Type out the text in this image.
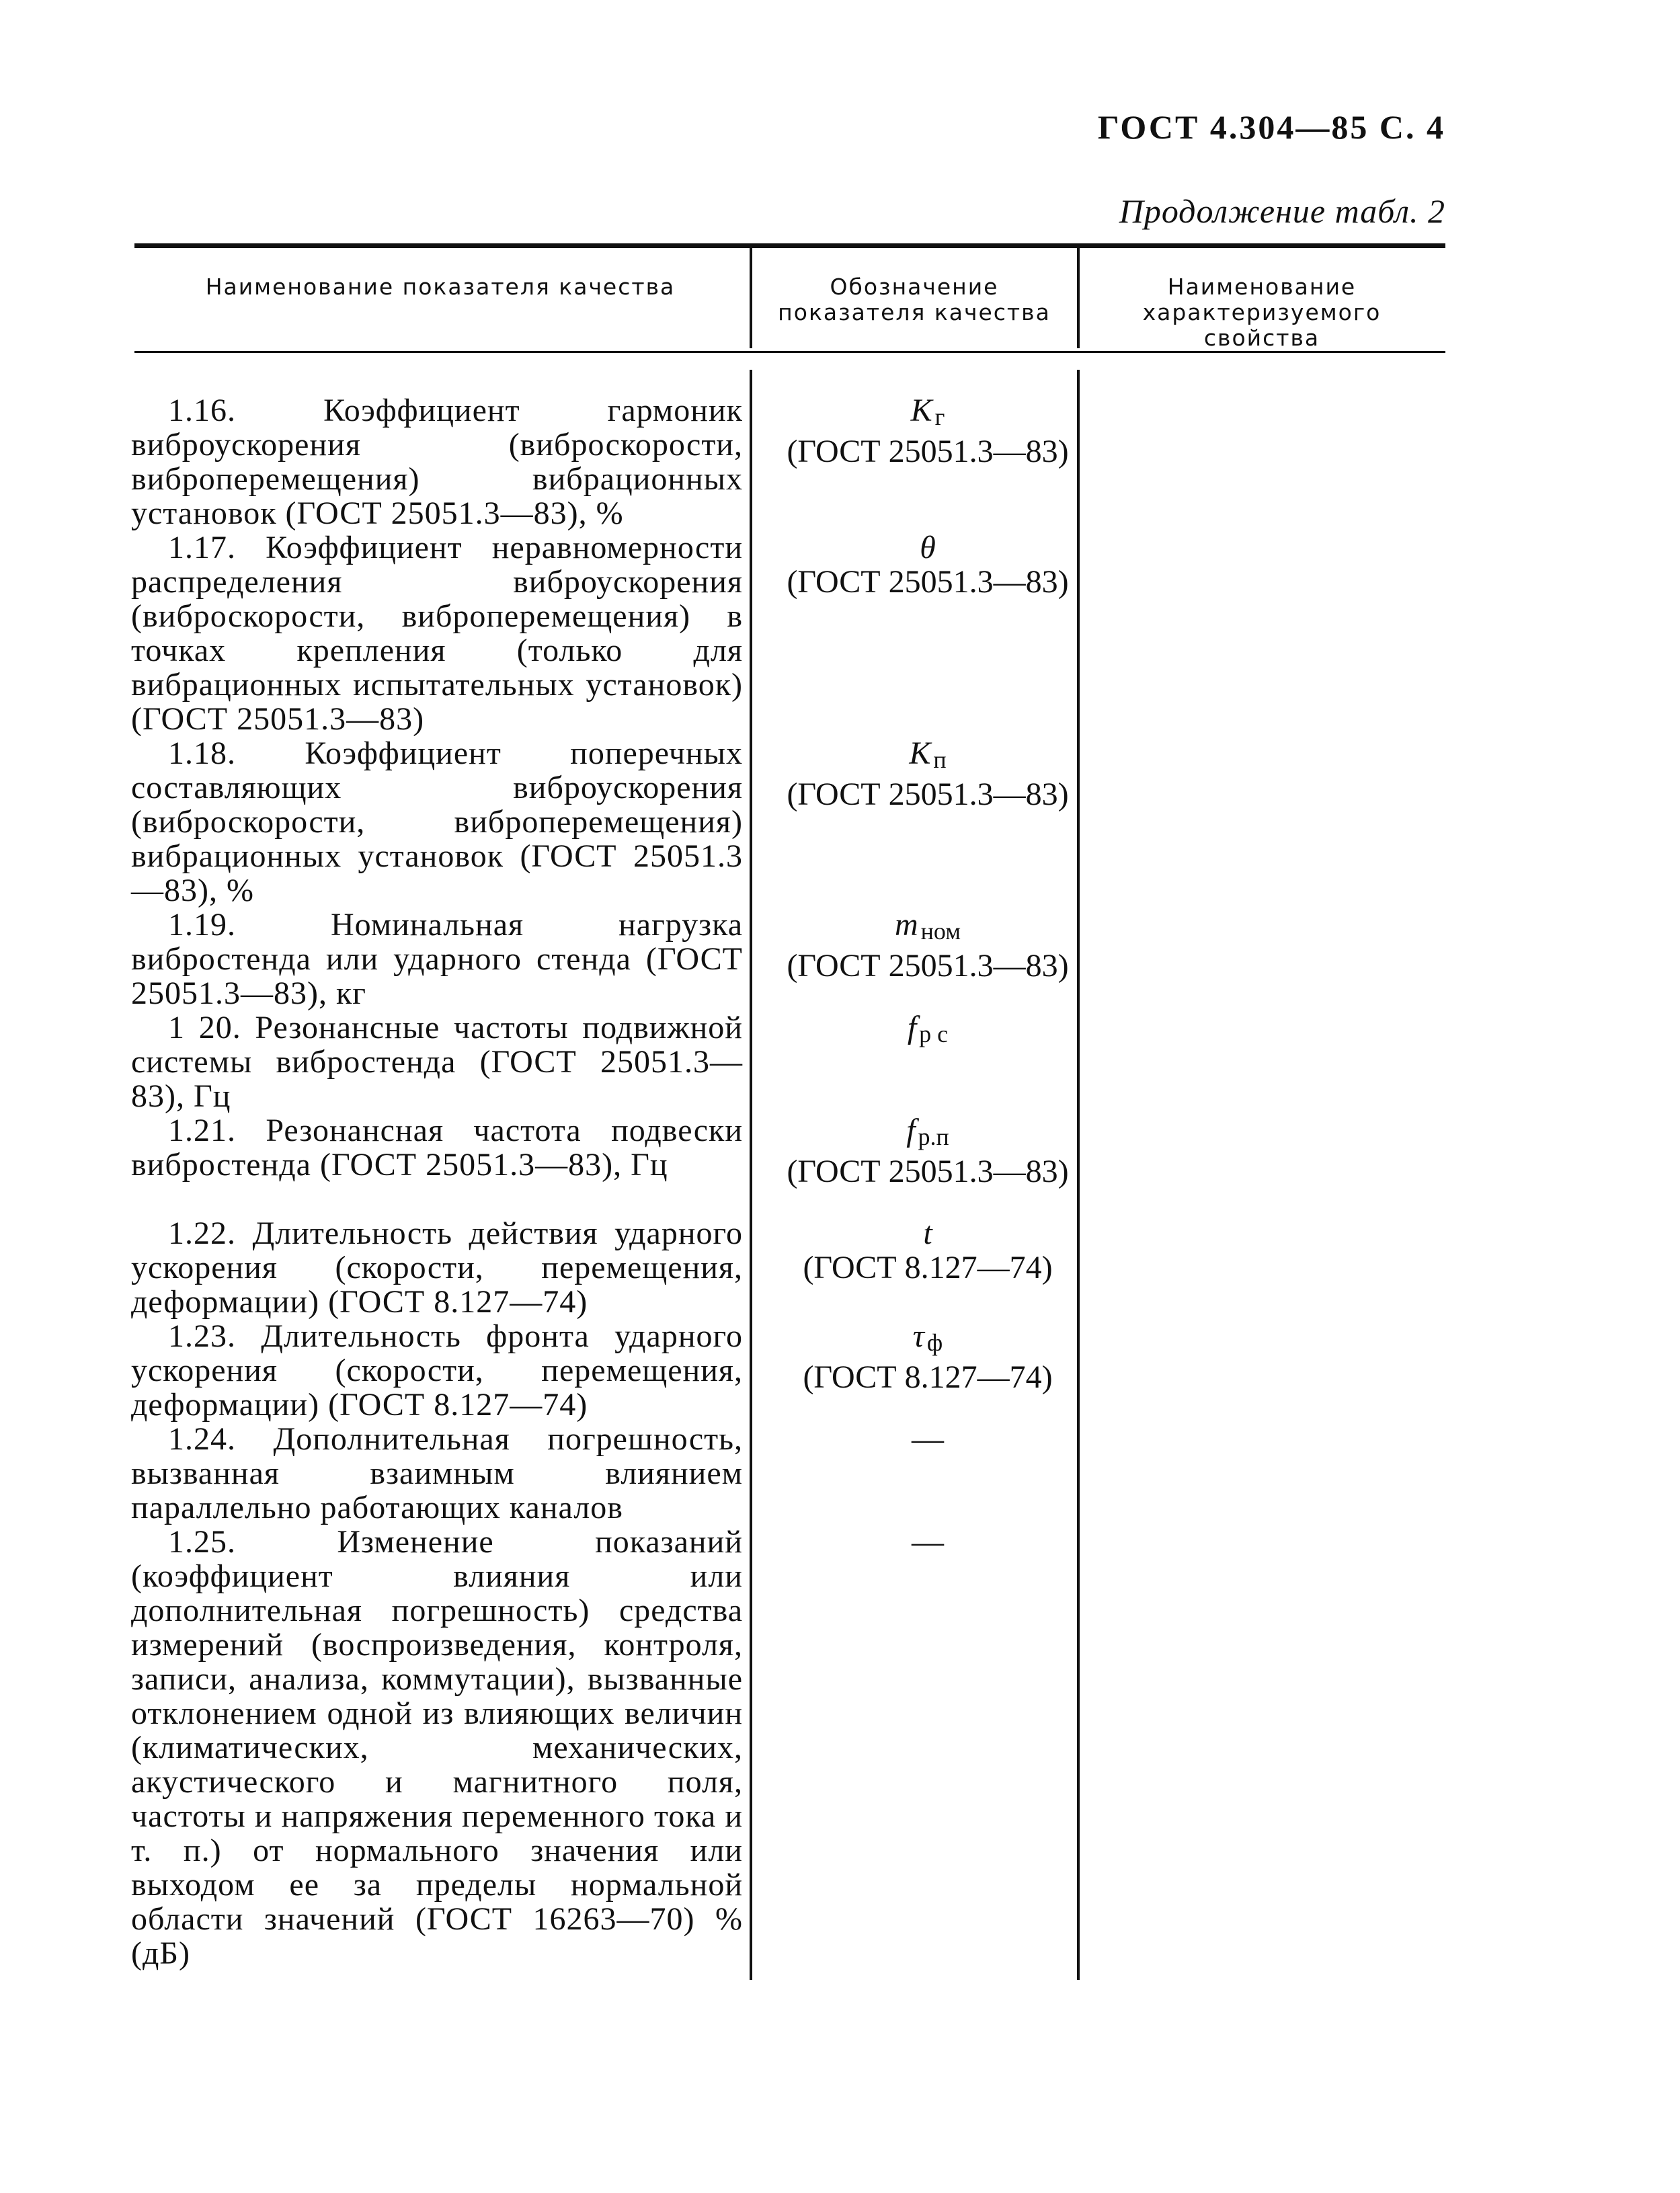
ГОСТ 4.304—85 С. 4
Продолжение табл. 2
Наименование показателя качества	Обозначение показателя качества
Наименование характеризуемого свойства
1.16. Коэффициент гармоник виброускорения (виброскорости, виброперемещения) вибрационных установок (ГОСТ 25051.3—83), %
K $_г$
(ГОСТ 25051.3—83)
1.17. Коэффициент неравномерности распределения виброускорения (виброскорости, виброперемещения) в точках крепления (только для вибрационных испытательных установок) (ГОСТ 25051.3—83)
θ
(ГОСТ 25051.3—83)
1.18. Коэффициент поперечных составляющих виброускорения (виброскорости, виброперемещения) вибрационных установок (ГОСТ 25051.3—83), %
K $_п$
(ГОСТ 25051.3—83)
1.19. Номинальная нагрузка вибростенда или ударного стенда (ГОСТ 25051.3—83), кг
m $_{ном}$
(ГОСТ 25051.3—83)
1 20. Резонансные частоты подвижной системы вибростенда (ГОСТ 25051.3—83), Гц
f $_{р с}$
1.21. Резонансная частота подвески вибростенда (ГОСТ 25051.3—83), Гц
f $_{р.п}$
(ГОСТ 25051.3—83)
1.22. Длительность действия ударного ускорения (скорости, перемещения, деформации) (ГОСТ 8.127—74)
t
(ГОСТ 8.127—74)
1.23. Длительность фронта ударного ускорения (скорости, перемещения, деформации) (ГОСТ 8.127—74)
τ $_ф$
(ГОСТ 8.127—74)
1.24. Дополнительная погрешность, вызванная взаимным влиянием параллельно работающих каналов
—
1.25. Изменение показаний (коэффициент влияния или дополнительная погрешность) средства измерений (воспроизведения, контроля, записи, анализа, коммутации), вызванные отклонением одной из влияющих величин (климатических, механических, акустического и магнитного поля, частоты и напряжения переменного тока и т. п.) от нормального значения или выходом ее за пределы нормальной области значений (ГОСТ 16263—70) % (дБ)
—
